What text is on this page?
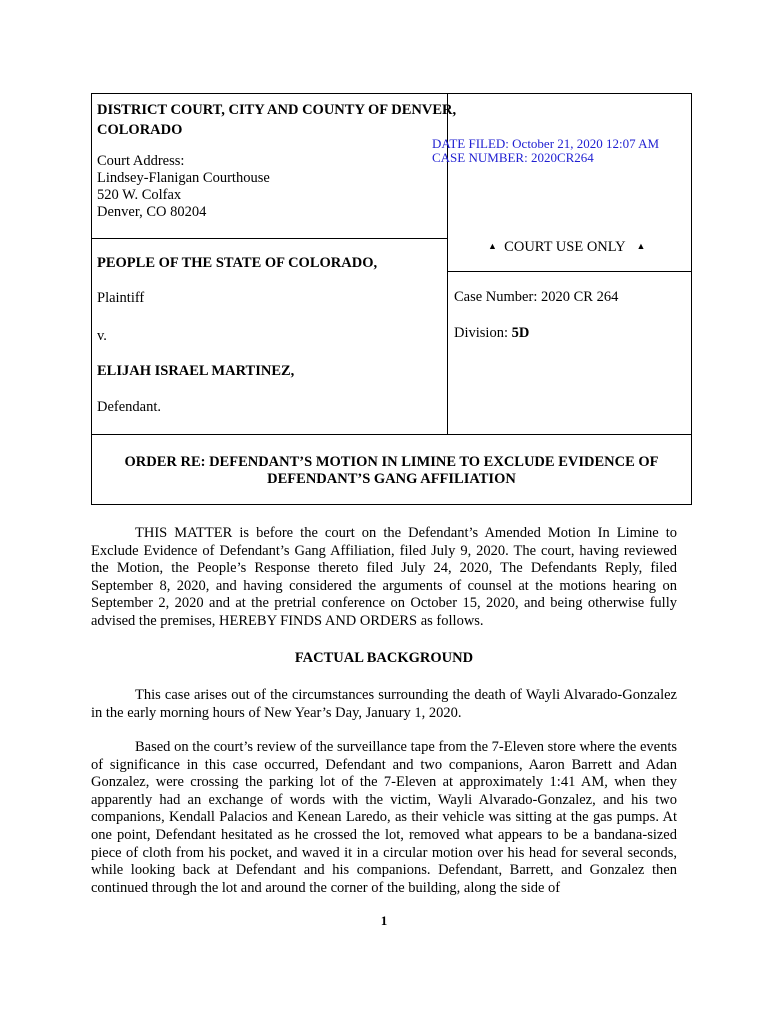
DISTRICT COURT, CITY AND COUNTY OF DENVER,
COLORADO
Court Address:
Lindsey-Flanigan Courthouse
520 W. Colfax
Denver, CO 80204
DATE FILED: October 21, 2020 12:07 AM
CASE NUMBER: 2020CR264
▲ COURT USE ONLY ▲
PEOPLE OF THE STATE OF COLORADO,
Plaintiff
v.
ELIJAH ISRAEL MARTINEZ,
Defendant.
Case Number: 2020 CR 264
Division: 5D
ORDER RE: DEFENDANT’S MOTION IN LIMINE TO EXCLUDE EVIDENCE OF DEFENDANT’S GANG AFFILIATION

THIS MATTER is before the court on the Defendant’s Amended Motion In Limine to Exclude Evidence of Defendant’s Gang Affiliation, filed July 9, 2020. The court, having reviewed the Motion, the People’s Response thereto filed July 24, 2020, The Defendants Reply, filed September 8, 2020, and having considered the arguments of counsel at the motions hearing on September 2, 2020 and at the pretrial conference on October 15, 2020, and being otherwise fully advised the premises, HEREBY FINDS AND ORDERS as follows.

FACTUAL BACKGROUND

This case arises out of the circumstances surrounding the death of Wayli Alvarado-Gonzalez in the early morning hours of New Year’s Day, January 1, 2020.

Based on the court’s review of the surveillance tape from the 7-Eleven store where the events of significance in this case occurred, Defendant and two companions, Aaron Barrett and Adan Gonzalez, were crossing the parking lot of the 7-Eleven at approximately 1:41 AM, when they apparently had an exchange of words with the victim, Wayli Alvarado-Gonzalez, and his two companions, Kendall Palacios and Kenean Laredo, as their vehicle was sitting at the gas pumps. At one point, Defendant hesitated as he crossed the lot, removed what appears to be a bandana-sized piece of cloth from his pocket, and waved it in a circular motion over his head for several seconds, while looking back at Defendant and his companions. Defendant, Barrett, and Gonzalez then continued through the lot and around the corner of the building, along the side of

1
